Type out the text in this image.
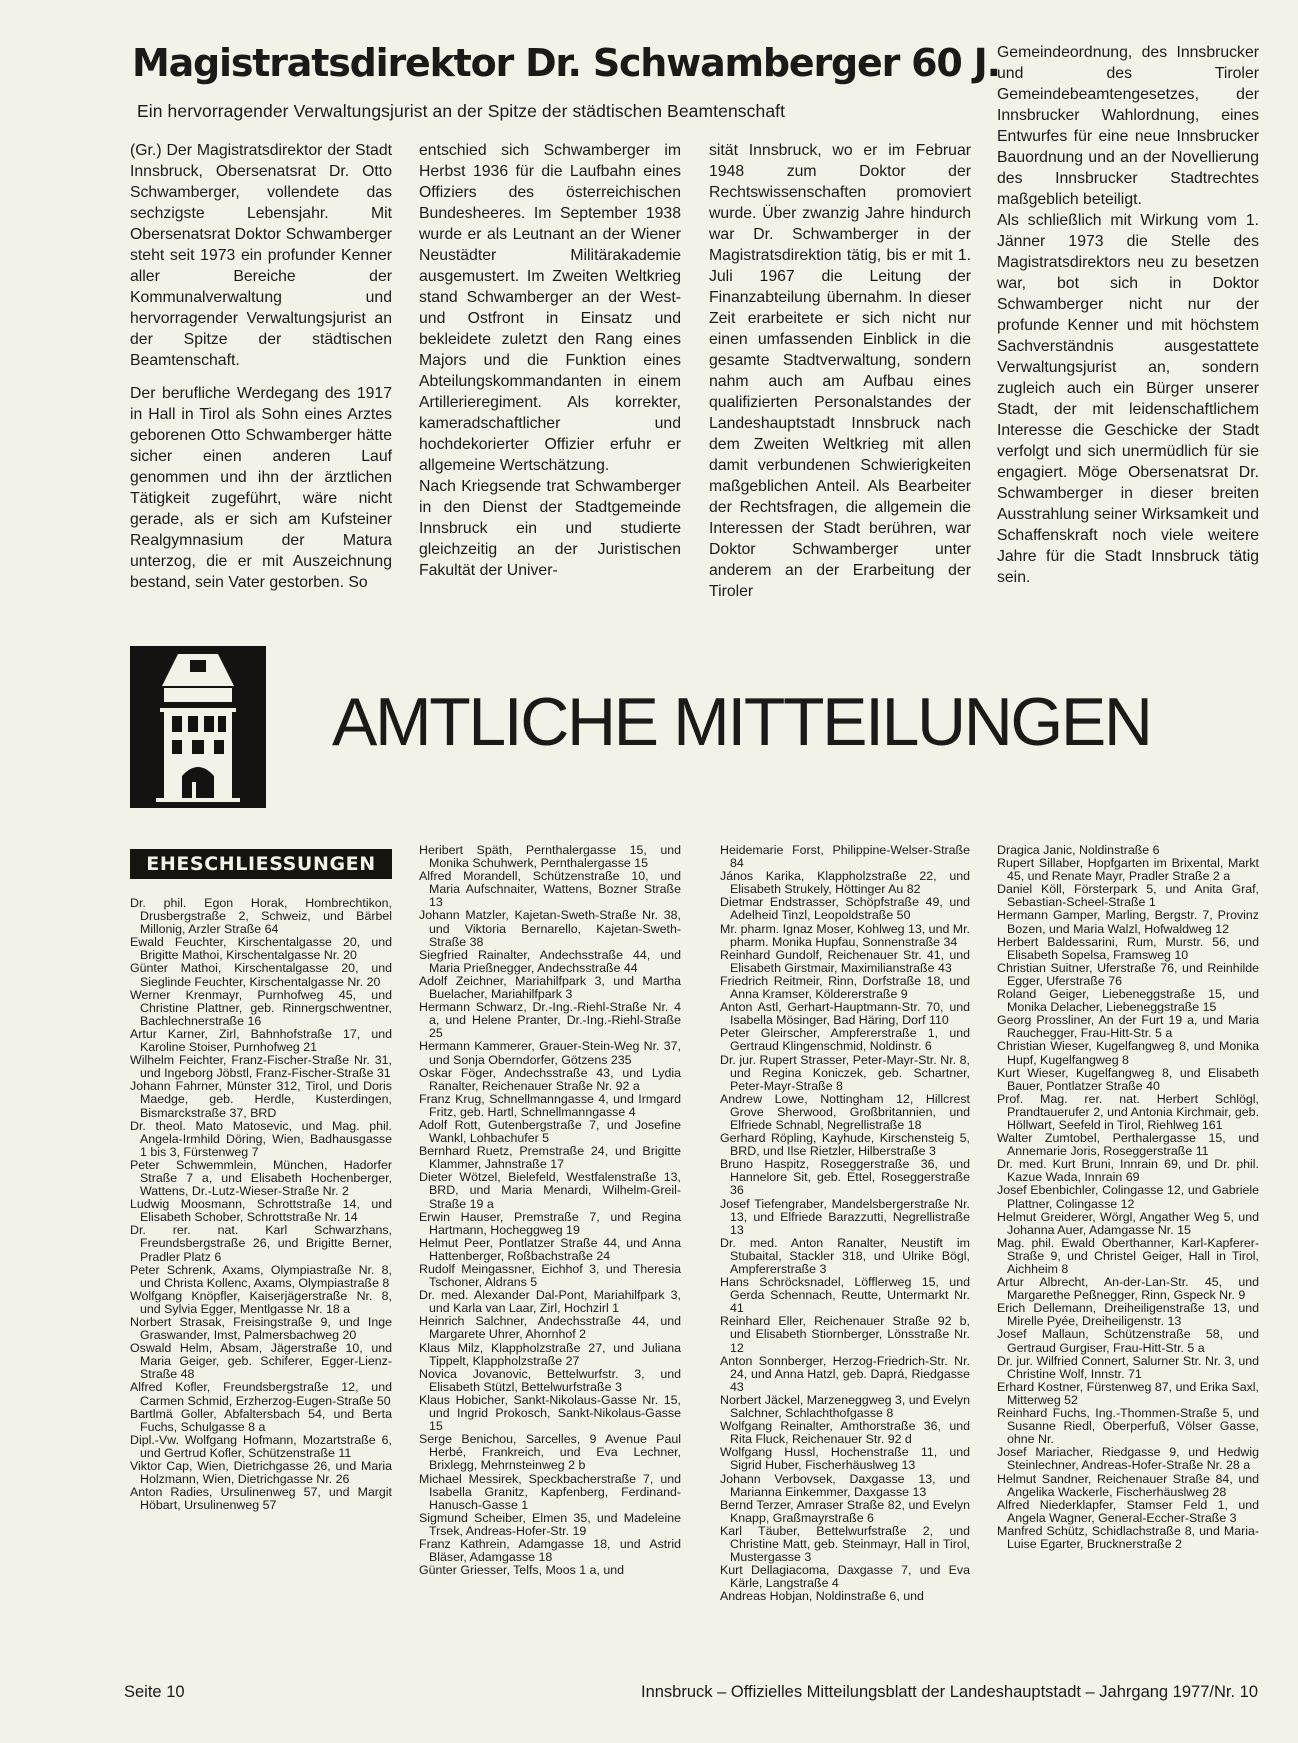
Magistratsdirektor Dr. Schwamberger 60 J.
Ein hervorragender Verwaltungsjurist an der Spitze der städtischen Beamtenschaft

(Gr.) Der Magistratsdirektor der Stadt Innsbruck, Obersenatsrat Dr. Otto Schwamberger, vollendete das sechzigste Lebensjahr. Mit Obersenatsrat Doktor Schwamberger steht seit 1973 ein profunder Kenner aller Bereiche der Kommunalverwaltung und hervorragender Verwaltungsjurist an der Spitze der städtischen Beamtenschaft.

Der berufliche Werdegang des 1917 in Hall in Tirol als Sohn eines Arztes geborenen Otto Schwamberger hätte sicher einen anderen Lauf genommen und ihn der ärztlichen Tätigkeit zugeführt, wäre nicht gerade, als er sich am Kufsteiner Realgymnasium der Matura unterzog, die er mit Auszeichnung bestand, sein Vater gestorben. So

entschied sich Schwamberger im Herbst 1936 für die Laufbahn eines Offiziers des österreichischen Bundesheeres. Im September 1938 wurde er als Leutnant an der Wiener Neustädter Militärakademie ausgemustert. Im Zweiten Weltkrieg stand Schwamberger an der West- und Ostfront in Einsatz und bekleidete zuletzt den Rang eines Majors und die Funktion eines Abteilungskommandanten in einem Artillerieregiment. Als korrekter, kameradschaftlicher und hochdekorierter Offizier erfuhr er allgemeine Wertschätzung.

Nach Kriegsende trat Schwamberger in den Dienst der Stadtgemeinde Innsbruck ein und studierte gleichzeitig an der Juristischen Fakultät der Univer-

sität Innsbruck, wo er im Februar 1948 zum Doktor der Rechtswissenschaften promoviert wurde. Über zwanzig Jahre hindurch war Dr. Schwamberger in der Magistratsdirektion tätig, bis er mit 1. Juli 1967 die Leitung der Finanzabteilung übernahm. In dieser Zeit erarbeitete er sich nicht nur einen umfassenden Einblick in die gesamte Stadtverwaltung, sondern nahm auch am Aufbau eines qualifizierten Personalstandes der Landeshauptstadt Innsbruck nach dem Zweiten Weltkrieg mit allen damit verbundenen Schwierigkeiten maßgeblichen Anteil. Als Bearbeiter der Rechtsfragen, die allgemein die Interessen der Stadt berühren, war Doktor Schwamberger unter anderem an der Erarbeitung der Tiroler

Gemeindeordnung, des Innsbrucker und des Tiroler Gemeindebeamtengesetzes, der Innsbrucker Wahlordnung, eines Entwurfes für eine neue Innsbrucker Bauordnung und an der Novellierung des Innsbrucker Stadtrechtes maßgeblich beteiligt.

Als schließlich mit Wirkung vom 1. Jänner 1973 die Stelle des Magistratsdirektors neu zu besetzen war, bot sich in Doktor Schwamberger nicht nur der profunde Kenner und mit höchstem Sachverständnis ausgestattete Verwaltungsjurist an, sondern zugleich auch ein Bürger unserer Stadt, der mit leidenschaftlichem Interesse die Geschicke der Stadt verfolgt und sich unermüdlich für sie engagiert. Möge Obersenatsrat Dr. Schwamberger in dieser breiten Ausstrahlung seiner Wirksamkeit und Schaffenskraft noch viele weitere Jahre für die Stadt Innsbruck tätig sein.

AMTLICHE MITTEILUNGEN
EHESCHLIESSUNGEN
Dr. phil. Egon Horak, Hombrechtikon, Drusbergstraße 2, Schweiz, und Bärbel Millonig, Arzler Straße 64
Ewald Feuchter, Kirschentalgasse 20, und Brigitte Mathoi, Kirschentalgasse Nr. 20
Günter Mathoi, Kirschentalgasse 20, und Sieglinde Feuchter, Kirschentalgasse Nr. 20
Werner Krenmayr, Purnhofweg 45, und Christine Plattner, geb. Rinnergschwentner, Bachlechnerstraße 16
Artur Karner, Zirl, Bahnhofstraße 17, und Karoline Stoiser, Purnhofweg 21
Wilhelm Feichter, Franz-Fischer-Straße Nr. 31, und Ingeborg Jöbstl, Franz-Fischer-Straße 31
Johann Fahrner, Münster 312, Tirol, und Doris Maedge, geb. Herdle, Kusterdingen, Bismarckstraße 37, BRD
Dr. theol. Mato Matosevic, und Mag. phil. Angela-Irmhild Döring, Wien, Badhausgasse 1 bis 3, Fürstenweg 7
Peter Schwemmlein, München, Hadorfer Straße 7 a, und Elisabeth Hochenberger, Wattens, Dr.-Lutz-Wieser-Straße Nr. 2
Ludwig Moosmann, Schrottstraße 14, und Elisabeth Schober, Schrottstraße Nr. 14
Dr. rer. nat. Karl Schwarzhans, Freundsbergstraße 26, und Brigitte Berner, Pradler Platz 6
Peter Schrenk, Axams, Olympiastraße Nr. 8, und Christa Kollenc, Axams, Olympiastraße 8
Wolfgang Knöpfler, Kaiserjägerstraße Nr. 8, und Sylvia Egger, Mentlgasse Nr. 18 a
Norbert Strasak, Freisingstraße 9, und Inge Graswander, Imst, Palmersbachweg 20
Oswald Helm, Absam, Jägerstraße 10, und Maria Geiger, geb. Schiferer, Egger-Lienz-Straße 48
Alfred Kofler, Freundsbergstraße 12, und Carmen Schmid, Erzherzog-Eugen-Straße 50
Bartlmä Goller, Abfaltersbach 54, und Berta Fuchs, Schulgasse 8 a
Dipl.-Vw. Wolfgang Hofmann, Mozartstraße 6, und Gertrud Kofler, Schützenstraße 11
Viktor Cap, Wien, Dietrichgasse 26, und Maria Holzmann, Wien, Dietrichgasse Nr. 26
Anton Radies, Ursulinenweg 57, und Margit Höbart, Ursulinenweg 57
Heribert Späth, Pernthalergasse 15, und Monika Schuhwerk, Pernthalergasse 15
Alfred Morandell, Schützenstraße 10, und Maria Aufschnaiter, Wattens, Bozner Straße 13
Johann Matzler, Kajetan-Sweth-Straße Nr. 38, und Viktoria Bernarello, Kajetan-Sweth-Straße 38
Siegfried Rainalter, Andechsstraße 44, und Maria Prießnegger, Andechsstraße 44
Adolf Zeichner, Mariahilfpark 3, und Martha Buelacher, Mariahilfpark 3
Hermann Schwarz, Dr.-Ing.-Riehl-Straße Nr. 4 a, und Helene Pranter, Dr.-Ing.-Riehl-Straße 25
Hermann Kammerer, Grauer-Stein-Weg Nr. 37, und Sonja Oberndorfer, Götzens 235
Oskar Föger, Andechsstraße 43, und Lydia Ranalter, Reichenauer Straße Nr. 92 a
Franz Krug, Schnellmanngasse 4, und Irmgard Fritz, geb. Hartl, Schnellmanngasse 4
Adolf Rott, Gutenbergstraße 7, und Josefine Wankl, Lohbachufer 5
Bernhard Ruetz, Premstraße 24, und Brigitte Klammer, Jahnstraße 17
Dieter Wötzel, Bielefeld, Westfalenstraße 13, BRD, und Maria Menardi, Wilhelm-Greil-Straße 19 a
Erwin Hauser, Premstraße 7, und Regina Hartmann, Hocheggweg 19
Helmut Peer, Pontlatzer Straße 44, und Anna Hattenberger, Roßbachstraße 24
Rudolf Meingassner, Eichhof 3, und Theresia Tschoner, Aldrans 5
Dr. med. Alexander Dal-Pont, Mariahilfpark 3, und Karla van Laar, Zirl, Hochzirl 1
Heinrich Salchner, Andechsstraße 44, und Margarete Uhrer, Ahornhof 2
Klaus Milz, Klappholzstraße 27, und Juliana Tippelt, Klappholzstraße 27
Novica Jovanovic, Bettelwurfstr. 3, und Elisabeth Stützl, Bettelwurfstraße 3
Klaus Hobicher, Sankt-Nikolaus-Gasse Nr. 15, und Ingrid Prokosch, Sankt-Nikolaus-Gasse 15
Serge Benichou, Sarcelles, 9 Avenue Paul Herbé, Frankreich, und Eva Lechner, Brixlegg, Mehrnsteinweg 2 b
Michael Messirek, Speckbacherstraße 7, und Isabella Granitz, Kapfenberg, Ferdinand-Hanusch-Gasse 1
Sigmund Scheiber, Elmen 35, und Madeleine Trsek, Andreas-Hofer-Str. 19
Franz Kathrein, Adamgasse 18, und Astrid Bläser, Adamgasse 18
Günter Griesser, Telfs, Moos 1 a, und
Heidemarie Forst, Philippine-Welser-Straße 84
János Karika, Klappholzstraße 22, und Elisabeth Strukely, Höttinger Au 82
Dietmar Endstrasser, Schöpfstraße 49, und Adelheid Tinzl, Leopoldstraße 50
Mr. pharm. Ignaz Moser, Kohlweg 13, und Mr. pharm. Monika Hupfau, Sonnenstraße 34
Reinhard Gundolf, Reichenauer Str. 41, und Elisabeth Girstmair, Maximilianstraße 43
Friedrich Reitmeir, Rinn, Dorfstraße 18, und Anna Kramser, Köldererstraße 9
Anton Astl, Gerhart-Hauptmann-Str. 70, und Isabella Mösinger, Bad Häring, Dorf 110
Peter Gleirscher, Ampfererstraße 1, und Gertraud Klingenschmid, Noldinstr. 6
Dr. jur. Rupert Strasser, Peter-Mayr-Str. Nr. 8, und Regina Koniczek, geb. Schartner, Peter-Mayr-Straße 8
Andrew Lowe, Nottingham 12, Hillcrest Grove Sherwood, Großbritannien, und Elfriede Schnabl, Negrellistraße 18
Gerhard Röpling, Kayhude, Kirschensteig 5, BRD, und Ilse Rietzler, Hilberstraße 3
Bruno Haspitz, Roseggerstraße 36, und Hannelore Sit, geb. Ettel, Roseggerstraße 36
Josef Tiefengraber, Mandelsbergerstraße Nr. 13, und Elfriede Barazzutti, Negrellistraße 13
Dr. med. Anton Ranalter, Neustift im Stubaital, Stackler 318, und Ulrike Bögl, Ampfererstraße 3
Hans Schröcksnadel, Löfflerweg 15, und Gerda Schennach, Reutte, Untermarkt Nr. 41
Reinhard Eller, Reichenauer Straße 92 b, und Elisabeth Stiornberger, Lönsstraße Nr. 12
Anton Sonnberger, Herzog-Friedrich-Str. Nr. 24, und Anna Hatzl, geb. Daprá, Riedgasse 43
Norbert Jäckel, Marzeneggweg 3, und Evelyn Salchner, Schlachthofgasse 8
Wolfgang Reinalter, Amthorstraße 36, und Rita Fluck, Reichenauer Str. 92 d
Wolfgang Hussl, Hochenstraße 11, und Sigrid Huber, Fischerhäuslweg 13
Johann Verbovsek, Daxgasse 13, und Marianna Einkemmer, Daxgasse 13
Bernd Terzer, Amraser Straße 82, und Evelyn Knapp, Graßmayrstraße 6
Karl Täuber, Bettelwurfstraße 2, und Christine Matt, geb. Steinmayr, Hall in Tirol, Mustergasse 3
Kurt Dellagiacoma, Daxgasse 7, und Eva Kärle, Langstraße 4
Andreas Hobjan, Noldinstraße 6, und
Dragica Janic, Noldinstraße 6
Rupert Sillaber, Hopfgarten im Brixental, Markt 45, und Renate Mayr, Pradler Straße 2 a
Daniel Köll, Försterpark 5, und Anita Graf, Sebastian-Scheel-Straße 1
Hermann Gamper, Marling, Bergstr. 7, Provinz Bozen, und Maria Walzl, Hofwaldweg 12
Herbert Baldessarini, Rum, Murstr. 56, und Elisabeth Sopelsa, Framsweg 10
Christian Suitner, Uferstraße 76, und Reinhilde Egger, Uferstraße 76
Roland Geiger, Liebeneggstraße 15, und Monika Delacher, Liebeneggstraße 15
Georg Prossliner, An der Furt 19 a, und Maria Rauchegger, Frau-Hitt-Str. 5 a
Christian Wieser, Kugelfangweg 8, und Monika Hupf, Kugelfangweg 8
Kurt Wieser, Kugelfangweg 8, und Elisabeth Bauer, Pontlatzer Straße 40
Prof. Mag. rer. nat. Herbert Schlögl, Prandtauerufer 2, und Antonia Kirchmair, geb. Höllwart, Seefeld in Tirol, Riehlweg 161
Walter Zumtobel, Perthalergasse 15, und Annemarie Joris, Roseggerstraße 11
Dr. med. Kurt Bruni, Innrain 69, und Dr. phil. Kazue Wada, Innrain 69
Josef Ebenbichler, Colingasse 12, und Gabriele Plattner, Colingasse 12
Helmut Greiderer, Wörgl, Angather Weg 5, und Johanna Auer, Adamgasse Nr. 15
Mag. phil. Ewald Oberthanner, Karl-Kapferer-Straße 9, und Christel Geiger, Hall in Tirol, Aichheim 8
Artur Albrecht, An-der-Lan-Str. 45, und Margarethe Peßnegger, Rinn, Gspeck Nr. 9
Erich Dellemann, Dreiheiligenstraße 13, und Mirelle Pyée, Dreiheiligenstr. 13
Josef Mallaun, Schützenstraße 58, und Gertraud Gurgiser, Frau-Hitt-Str. 5 a
Dr. jur. Wilfried Connert, Salurner Str. Nr. 3, und Christine Wolf, Innstr. 71
Erhard Kostner, Fürstenweg 87, und Erika Saxl, Mitterweg 52
Reinhard Fuchs, Ing.-Thommen-Straße 5, und Susanne Riedl, Oberperfuß, Völser Gasse, ohne Nr.
Josef Mariacher, Riedgasse 9, und Hedwig Steinlechner, Andreas-Hofer-Straße Nr. 28 a
Helmut Sandner, Reichenauer Straße 84, und Angelika Wackerle, Fischerhäuslweg 28
Alfred Niederklapfer, Stamser Feld 1, und Angela Wagner, General-Eccher-Straße 3
Manfred Schütz, Schidlachstraße 8, und Maria-Luise Egarter, Brucknerstraße 2
Seite 10	Innsbruck – Offizielles Mitteilungsblatt der Landeshauptstadt – Jahrgang 1977/Nr. 10
